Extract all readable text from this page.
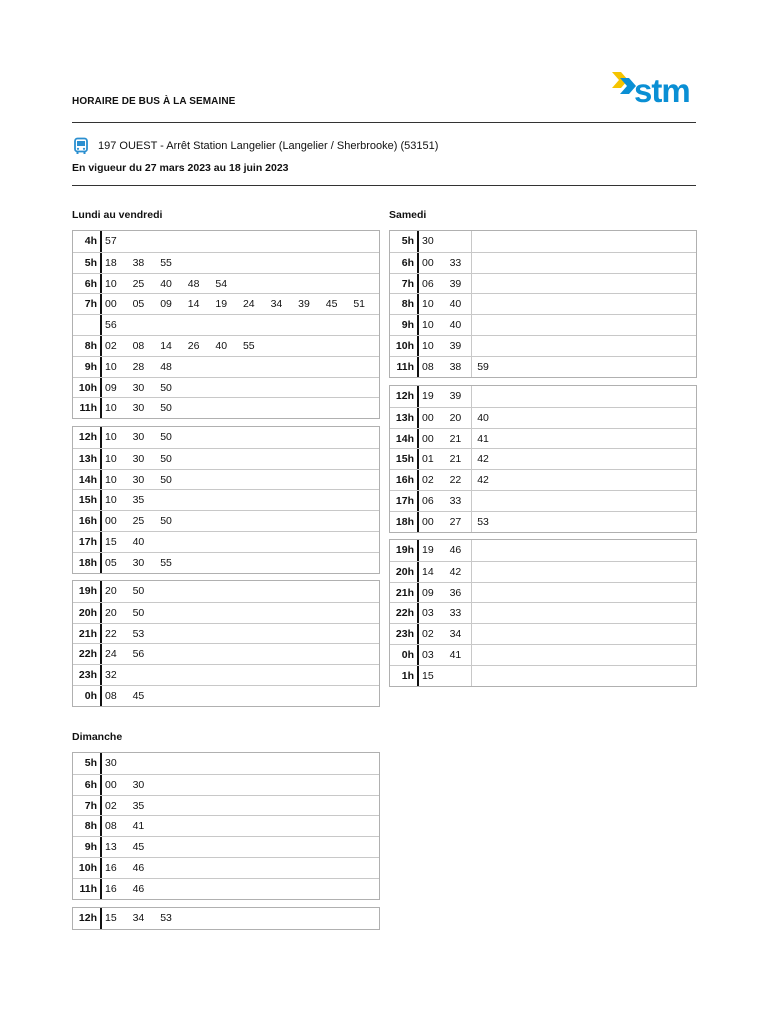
HORAIRE DE BUS À LA SEMAINE	stm
197 OUEST - Arrêt Station Langelier (Langelier / Sherbrooke) (53151)
En vigueur du 27 mars 2023 au 18 juin 2023
Lundi au vendredi	Samedi
Dimanche
4h 57
5h 18 38 55
6h 10 25 40 48 54
7h 00 05 09 14 19 24 34 39 45 51
56
8h 02 08 14 26 40 55
9h 10 28 48
10h 09 30 50
11h 10 30 50
12h 10 30 50
13h 10 30 50
14h 10 30 50
15h 10 35
16h 00 25 50
17h 15 40
18h 05 30 55
19h 20 50
20h 20 50
21h 22 53
22h 24 56
23h 32
0h 08 45
5h 30
6h 00 33
7h 06 39
8h 10 40
9h 10 40
10h 10 39
11h 08 38 59
12h 19 39
13h 00 20 40
14h 00 21 41
15h 01 21 42
16h 02 22 42
17h 06 33
18h 00 27 53
19h 19 46
20h 14 42
21h 09 36
22h 03 33
23h 02 34
0h 03 41
1h 15
5h 30
6h 00 30
7h 02 35
8h 08 41
9h 13 45
10h 16 46
11h 16 46
12h 15 34 53
